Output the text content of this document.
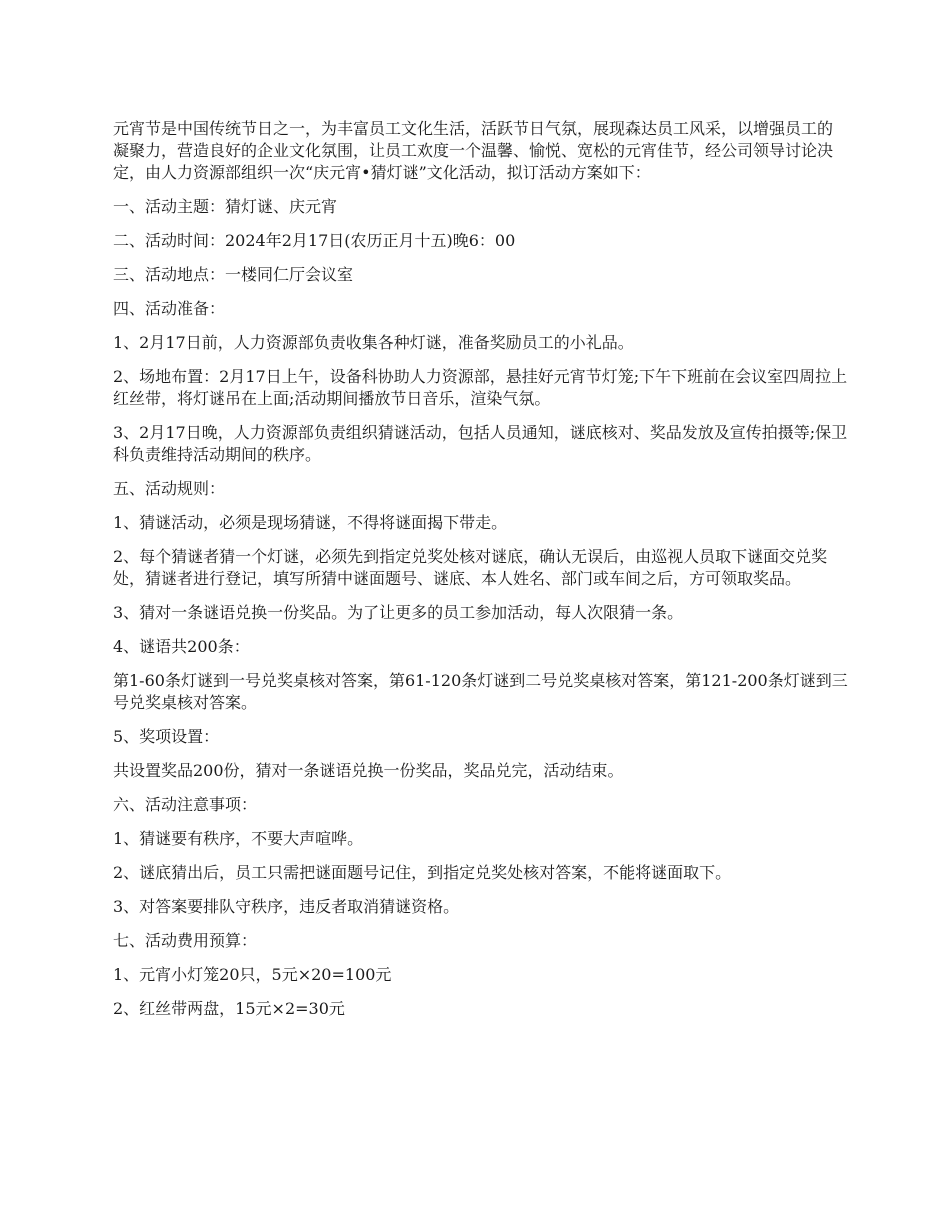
元宵节是中国传统节日之一，为丰富员工文化生活，活跃节日气氛，展现森达员工风采，以增强员工的凝聚力，营造良好的企业文化氛围，让员工欢度一个温馨、愉悦、宽松的元宵佳节，经公司领导讨论决定，由人力资源部组织一次“庆元宵•猜灯谜”文化活动，拟订活动方案如下：

一、活动主题：猜灯谜、庆元宵

二、活动时间：2024年2月17日(农历正月十五)晚6：00

三、活动地点：一楼同仁厅会议室

四、活动准备：

1、2月17日前，人力资源部负责收集各种灯谜，准备奖励员工的小礼品。

2、场地布置：2月17日上午，设备科协助人力资源部，悬挂好元宵节灯笼;下午下班前在会议室四周拉上红丝带，将灯谜吊在上面;活动期间播放节日音乐，渲染气氛。

3、2月17日晚，人力资源部负责组织猜谜活动，包括人员通知，谜底核对、奖品发放及宣传拍摄等;保卫科负责维持活动期间的秩序。

五、活动规则：

1、猜谜活动，必须是现场猜谜，不得将谜面揭下带走。

2、每个猜谜者猜一个灯谜，必须先到指定兑奖处核对谜底，确认无误后，由巡视人员取下谜面交兑奖处，猜谜者进行登记，填写所猜中谜面题号、谜底、本人姓名、部门或车间之后，方可领取奖品。

3、猜对一条谜语兑换一份奖品。为了让更多的员工参加活动，每人次限猜一条。

4、谜语共200条：

第1-60条灯谜到一号兑奖桌核对答案，第61-120条灯谜到二号兑奖桌核对答案，第121-200条灯谜到三号兑奖桌核对答案。

5、奖项设置：

共设置奖品200份，猜对一条谜语兑换一份奖品，奖品兑完，活动结束。

六、活动注意事项：

1、猜谜要有秩序，不要大声喧哗。

2、谜底猜出后，员工只需把谜面题号记住，到指定兑奖处核对答案，不能将谜面取下。

3、对答案要排队守秩序，违反者取消猜谜资格。

七、活动费用预算：

1、元宵小灯笼20只，5元×20=100元

2、红丝带两盘，15元×2=30元
